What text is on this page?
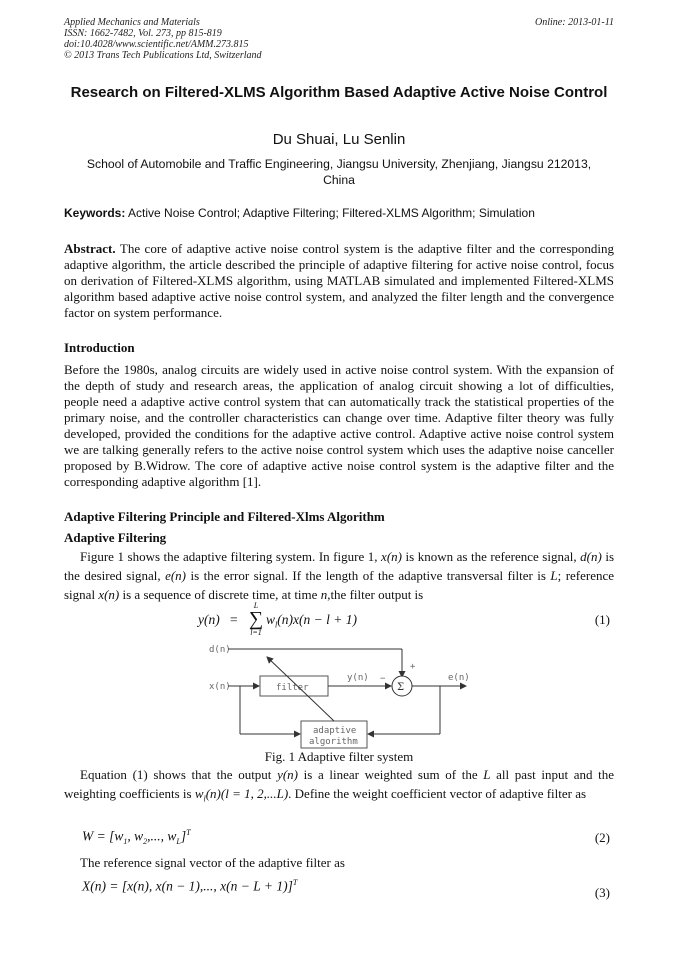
Applied Mechanics and Materials
ISSN: 1662-7482, Vol. 273, pp 815-819
doi:10.4028/www.scientific.net/AMM.273.815
© 2013 Trans Tech Publications Ltd, Switzerland
Online: 2013-01-11
Research on Filtered-XLMS Algorithm Based Adaptive Active Noise Control
Du Shuai, Lu Senlin
School of Automobile and Traffic Engineering, Jiangsu University, Zhenjiang, Jiangsu 212013, China
Keywords: Active Noise Control; Adaptive Filtering; Filtered-XLMS Algorithm; Simulation
Abstract. The core of adaptive active noise control system is the adaptive filter and the corresponding adaptive algorithm, the article described the principle of adaptive filtering for active noise control, focus on derivation of Filtered-XLMS algorithm, using MATLAB simulated and implemented Filtered-XLMS algorithm based adaptive active noise control system, and analyzed the filter length and the convergence factor on system performance.
Introduction
Before the 1980s, analog circuits are widely used in active noise control system. With the expansion of the depth of study and research areas, the application of analog circuit showing a lot of difficulties, people need a adaptive active control system that can automatically track the statistical properties of the primary noise, and the controller characteristics can change over time. Adaptive filter theory was fully developed, provided the conditions for the adaptive active control. Adaptive active noise control system we are talking generally refers to the active noise control system which uses the adaptive noise canceller proposed by B.Widrow. The core of adaptive active noise control system is the adaptive filter and the corresponding adaptive algorithm [1].
Adaptive Filtering Principle and Filtered-Xlms Algorithm
Adaptive Filtering
Figure 1 shows the adaptive filtering system. In figure 1, x(n) is known as the reference signal, d(n) is the desired signal, e(n) is the error signal. If the length of the adaptive transversal filter is L; reference signal x(n) is a sequence of discrete time, at time n,the filter output is
y(n) =
L
∑
l=1
$w_l(n)x(n - l + 1)$	(1)
d(n)
+
x(n)	filter
y(n) −
Σ
e(n)
adaptive
algorithm
Fig. 1 Adaptive filter system
Equation (1) shows that the output y(n) is a linear weighted sum of the L all past input and the weighting coefficients is $w_l(n)(l = 1$, 2,...L). Define the weight coefficient vector of adaptive filter as
$W = [w_1$, $w_2$,..., $w_L]^T$	(2)
The reference signal vector of the adaptive filter as
X(n) = [x(n), x(n − 1),..., x(n − L + 1)]$^T$
(3)
